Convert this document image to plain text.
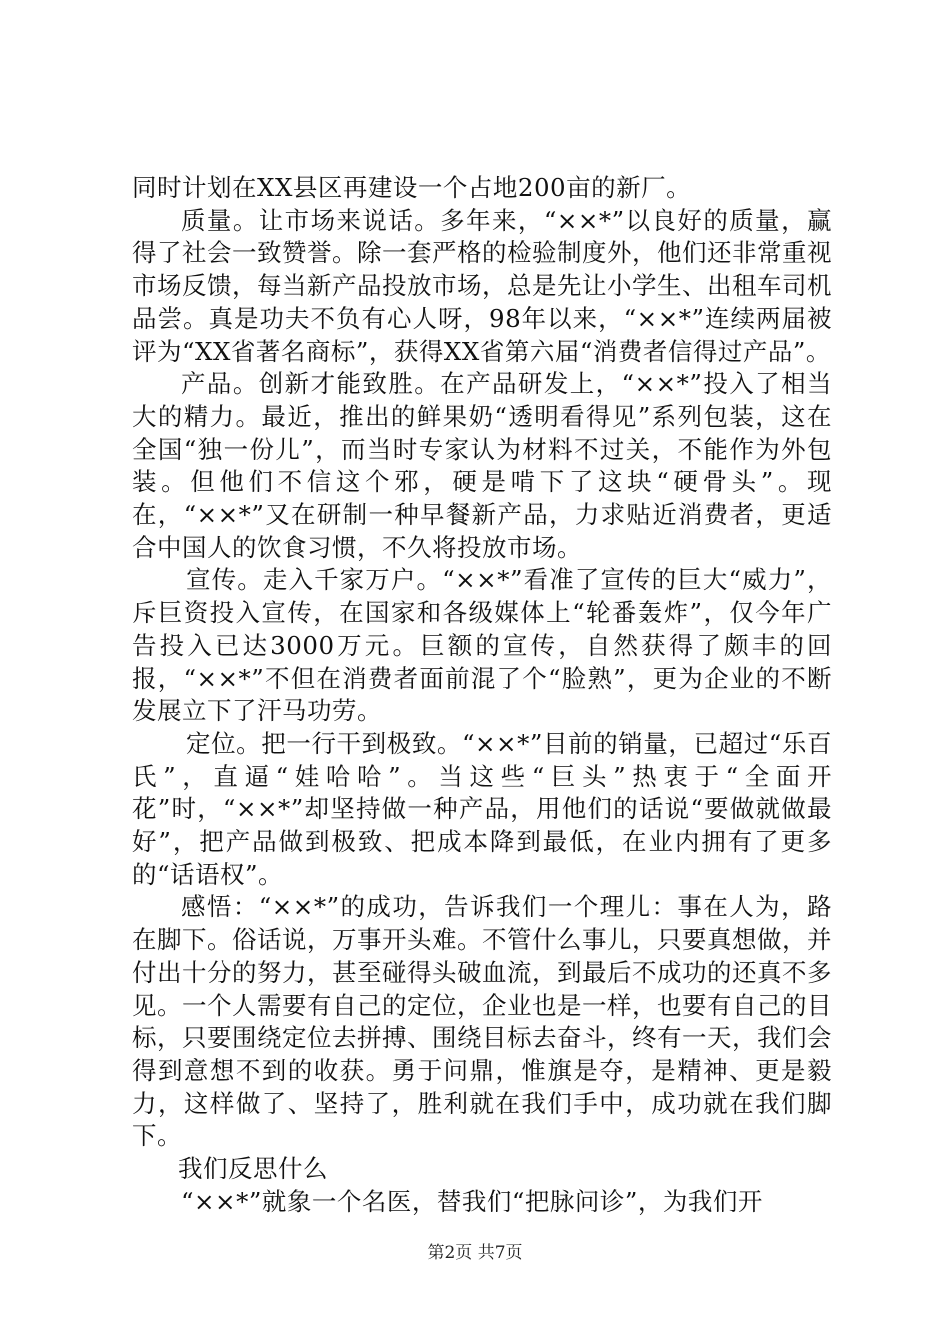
同时计划在XX县区再建设一个占地200亩的新厂。

质量。让市场来说话。多年来，“××*”以良好的质量，赢得了社会一致赞誉。除一套严格的检验制度外，他们还非常重视市场反馈，每当新产品投放市场，总是先让小学生、出租车司机品尝。真是功夫不负有心人呀，98年以来，“××*”连续两届被评为“XX省著名商标”，获得XX省第六届“消费者信得过产品”。

产品。创新才能致胜。在产品研发上，“××*”投入了相当大的精力。最近，推出的鲜果奶“透明看得见”系列包装，这在全国“独一份儿”，而当时专家认为材料不过关，不能作为外包装。但他们不信这个邪，硬是啃下了这块“硬骨头”。现在，“××*”又在研制一种早餐新产品，力求贴近消费者，更适合中国人的饮食习惯，不久将投放市场。

宣传。走入千家万户。“××*”看准了宣传的巨大“威力”，斥巨资投入宣传，在国家和各级媒体上“轮番轰炸”，仅今年广告投入已达3000万元。巨额的宣传，自然获得了颇丰的回报，“××*”不但在消费者面前混了个“脸熟”，更为企业的不断发展立下了汗马功劳。

定位。把一行干到极致。“××*”目前的销量，已超过“乐百氏”，直逼“娃哈哈”。当这些“巨头”热衷于“全面开花”时，“××*”却坚持做一种产品，用他们的话说“要做就做最好”，把产品做到极致、把成本降到最低，在业内拥有了更多的“话语权”。

感悟：“××*”的成功，告诉我们一个理儿：事在人为，路在脚下。俗话说，万事开头难。不管什么事儿，只要真想做，并付出十分的努力，甚至碰得头破血流，到最后不成功的还真不多见。一个人需要有自己的定位，企业也是一样，也要有自己的目标，只要围绕定位去拼搏、围绕目标去奋斗，终有一天，我们会得到意想不到的收获。勇于问鼎，惟旗是夺，是精神、更是毅力，这样做了、坚持了，胜利就在我们手中，成功就在我们脚下。

我们反思什么

“××*”就象一个名医，替我们“把脉问诊”，为我们开

第2页 共7页
